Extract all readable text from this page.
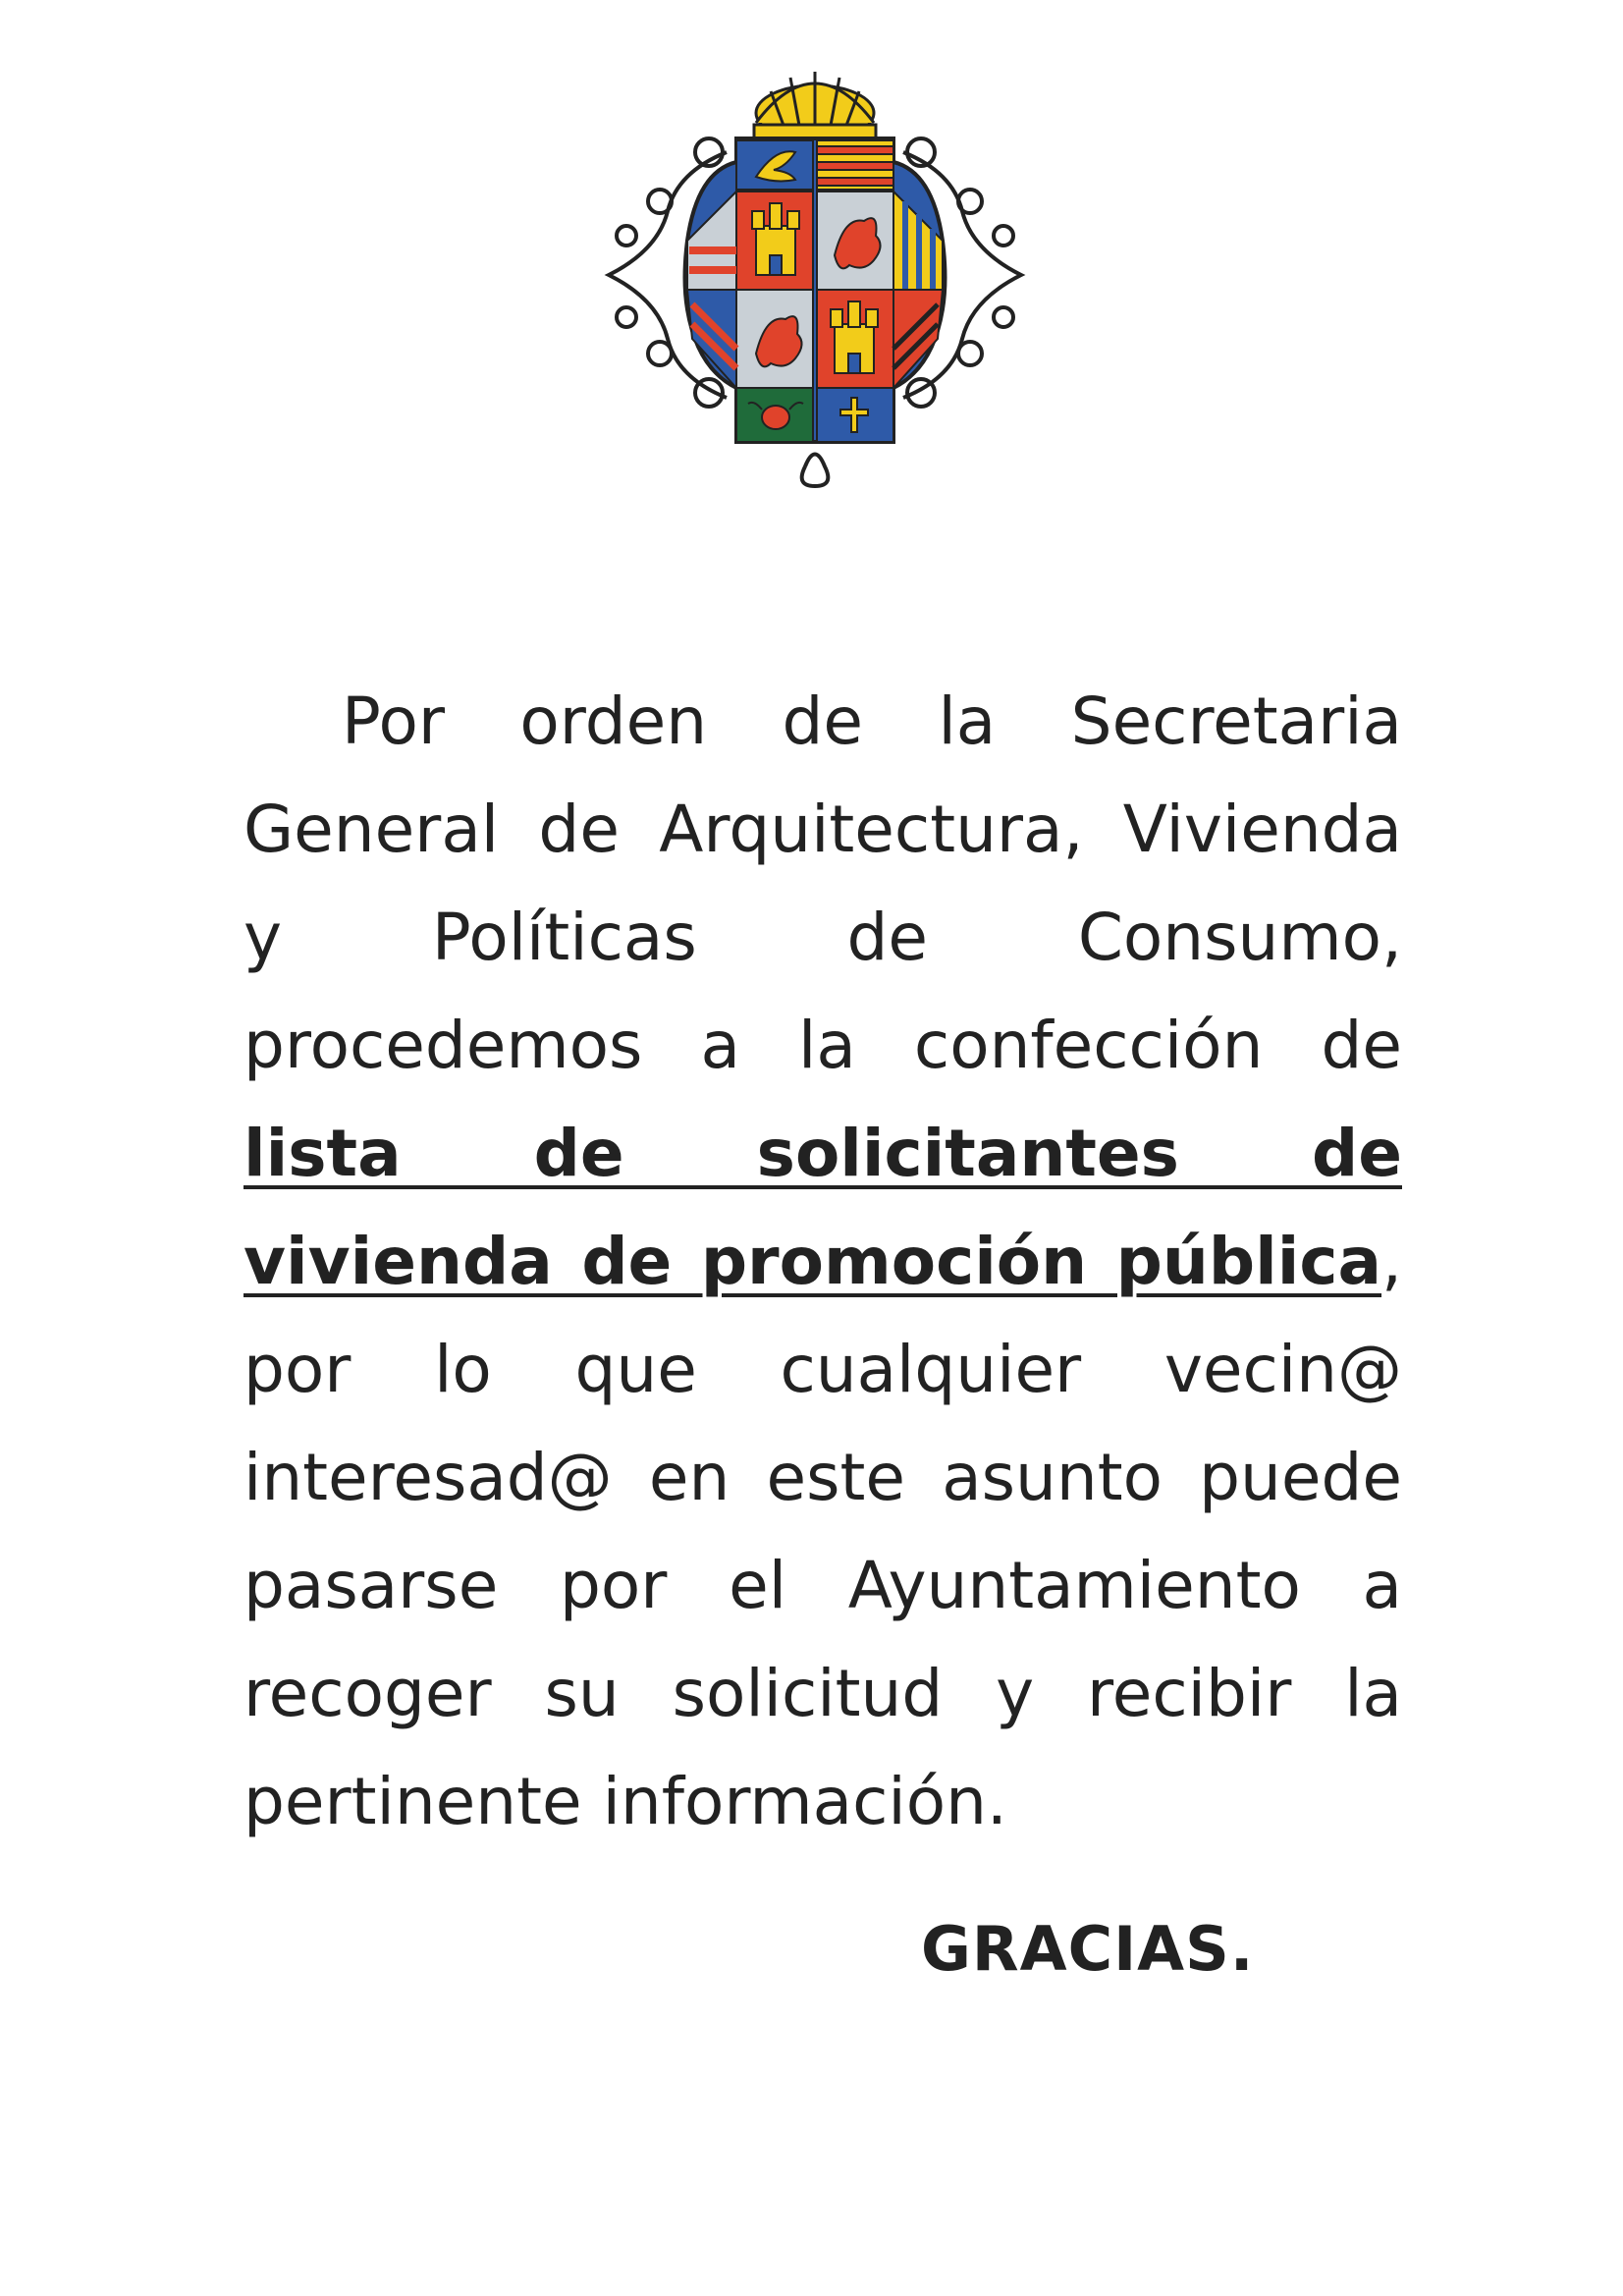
Por orden de la Secretaria General de Arquitectura, Vivienda y Políticas de Consumo, procedemos a la confección de lista de solicitantes de vivienda de promoción pública, por lo que cualquier vecin@ interesad@ en este asunto puede pasarse por el Ayuntamiento a recoger su solicitud y recibir la pertinente información.

GRACIAS.
